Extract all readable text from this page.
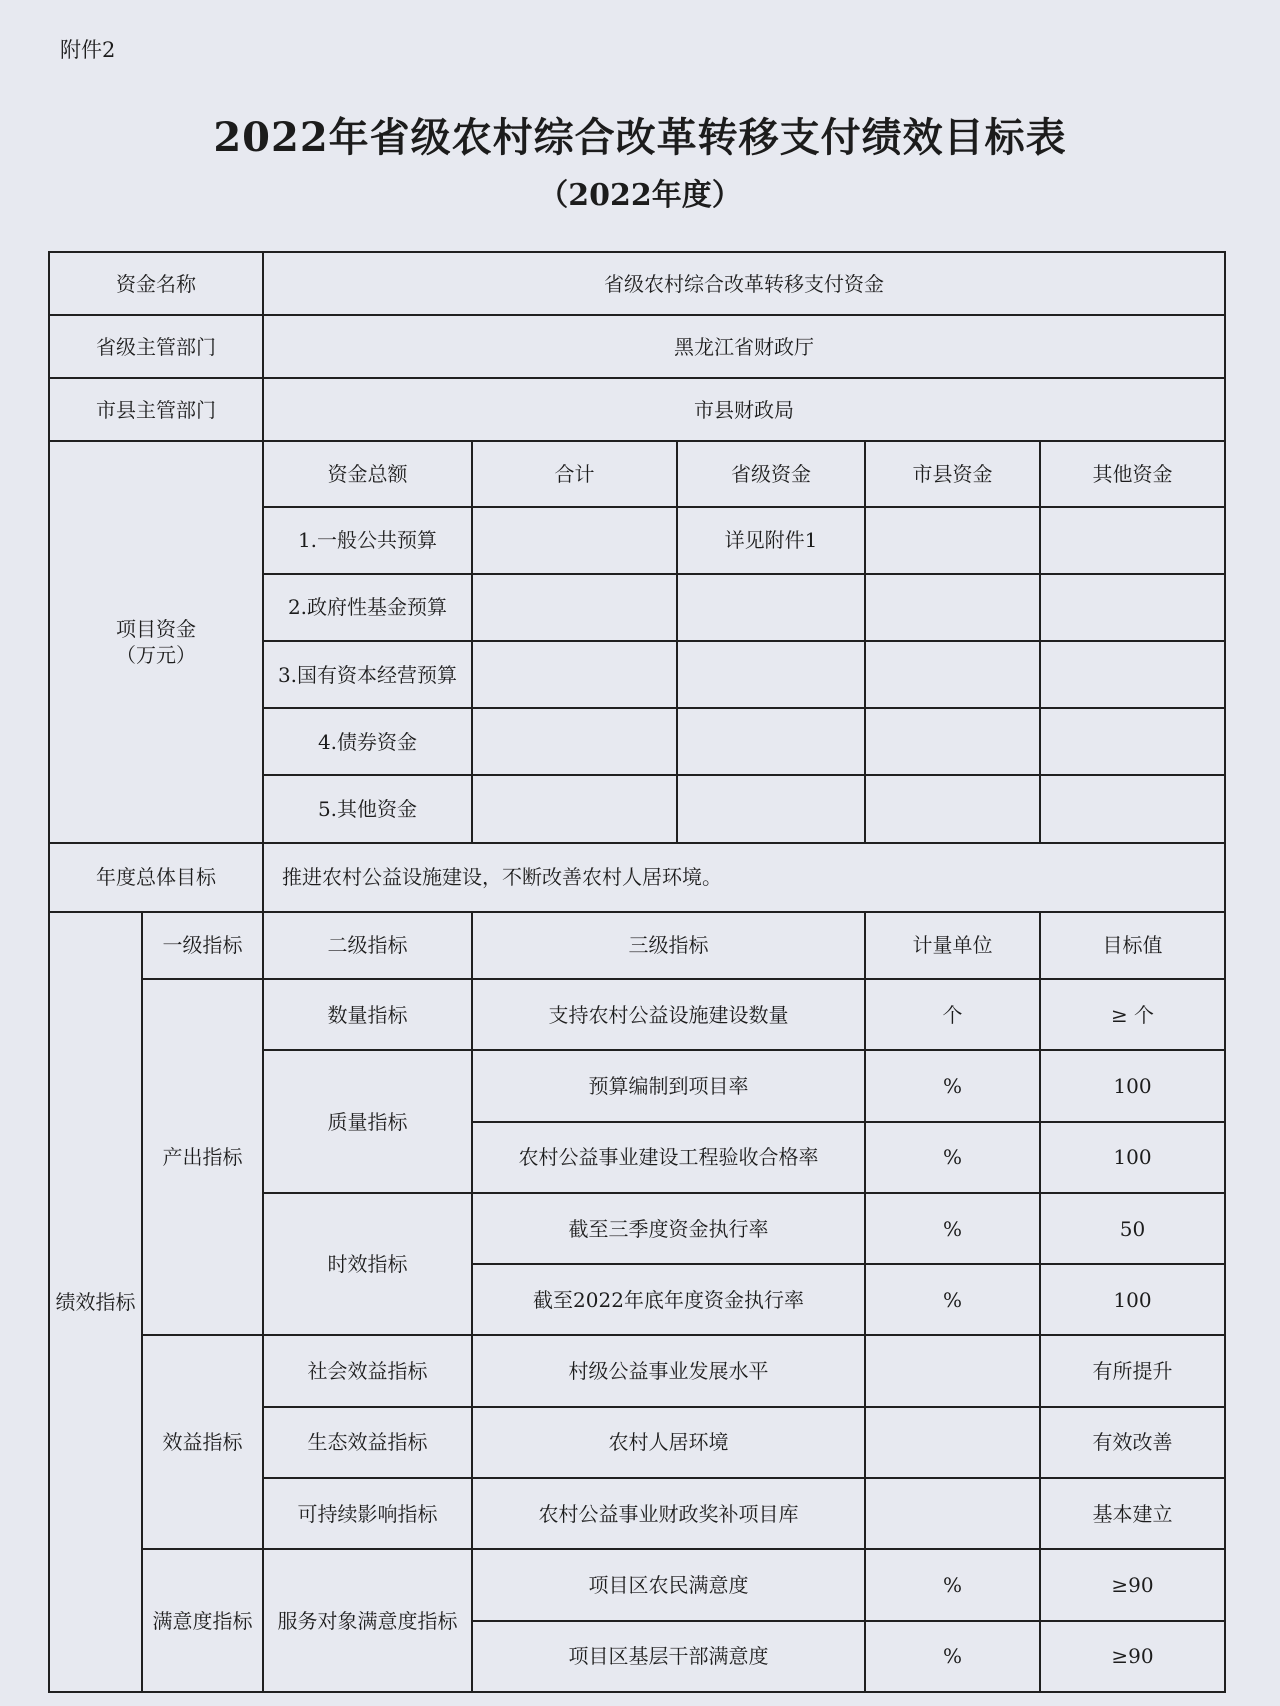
附件2
2022年省级农村综合改革转移支付绩效目标表
（2022年度）
资金名称		省级农村综合改革转移支付资金				
省级主管部门		黑龙江省财政厅				
市县主管部门		市县财政局				

项目资金
（万元）		资金总额	合计	省级资金	市县资金	其他资金
		1.一般公共预算		详见附件1		
		2.政府性基金预算				
		3.国有资本经营预算				
		4.债券资金				
		5.其他资金				
年度总体目标		推进农村公益设施建设，不断改善农村人居环境。				
绩效指标	一级指标	二级指标	三级指标		计量单位	目标值
	产出指标	数量指标	支持农村公益设施建设数量		个	≥ 个
		质量指标	预算编制到项目率		%	100
			农村公益事业建设工程验收合格率		%	100
		时效指标	截至三季度资金执行率		%	50
			截至2022年底年度资金执行率		%	100
	效益指标	社会效益指标	村级公益事业发展水平			有所提升
		生态效益指标	农村人居环境			有效改善
		可持续影响指标	农村公益事业财政奖补项目库			基本建立
	满意度指标	服务对象满意度指标	项目区农民满意度		%	≥90
			项目区基层干部满意度		%	≥90
